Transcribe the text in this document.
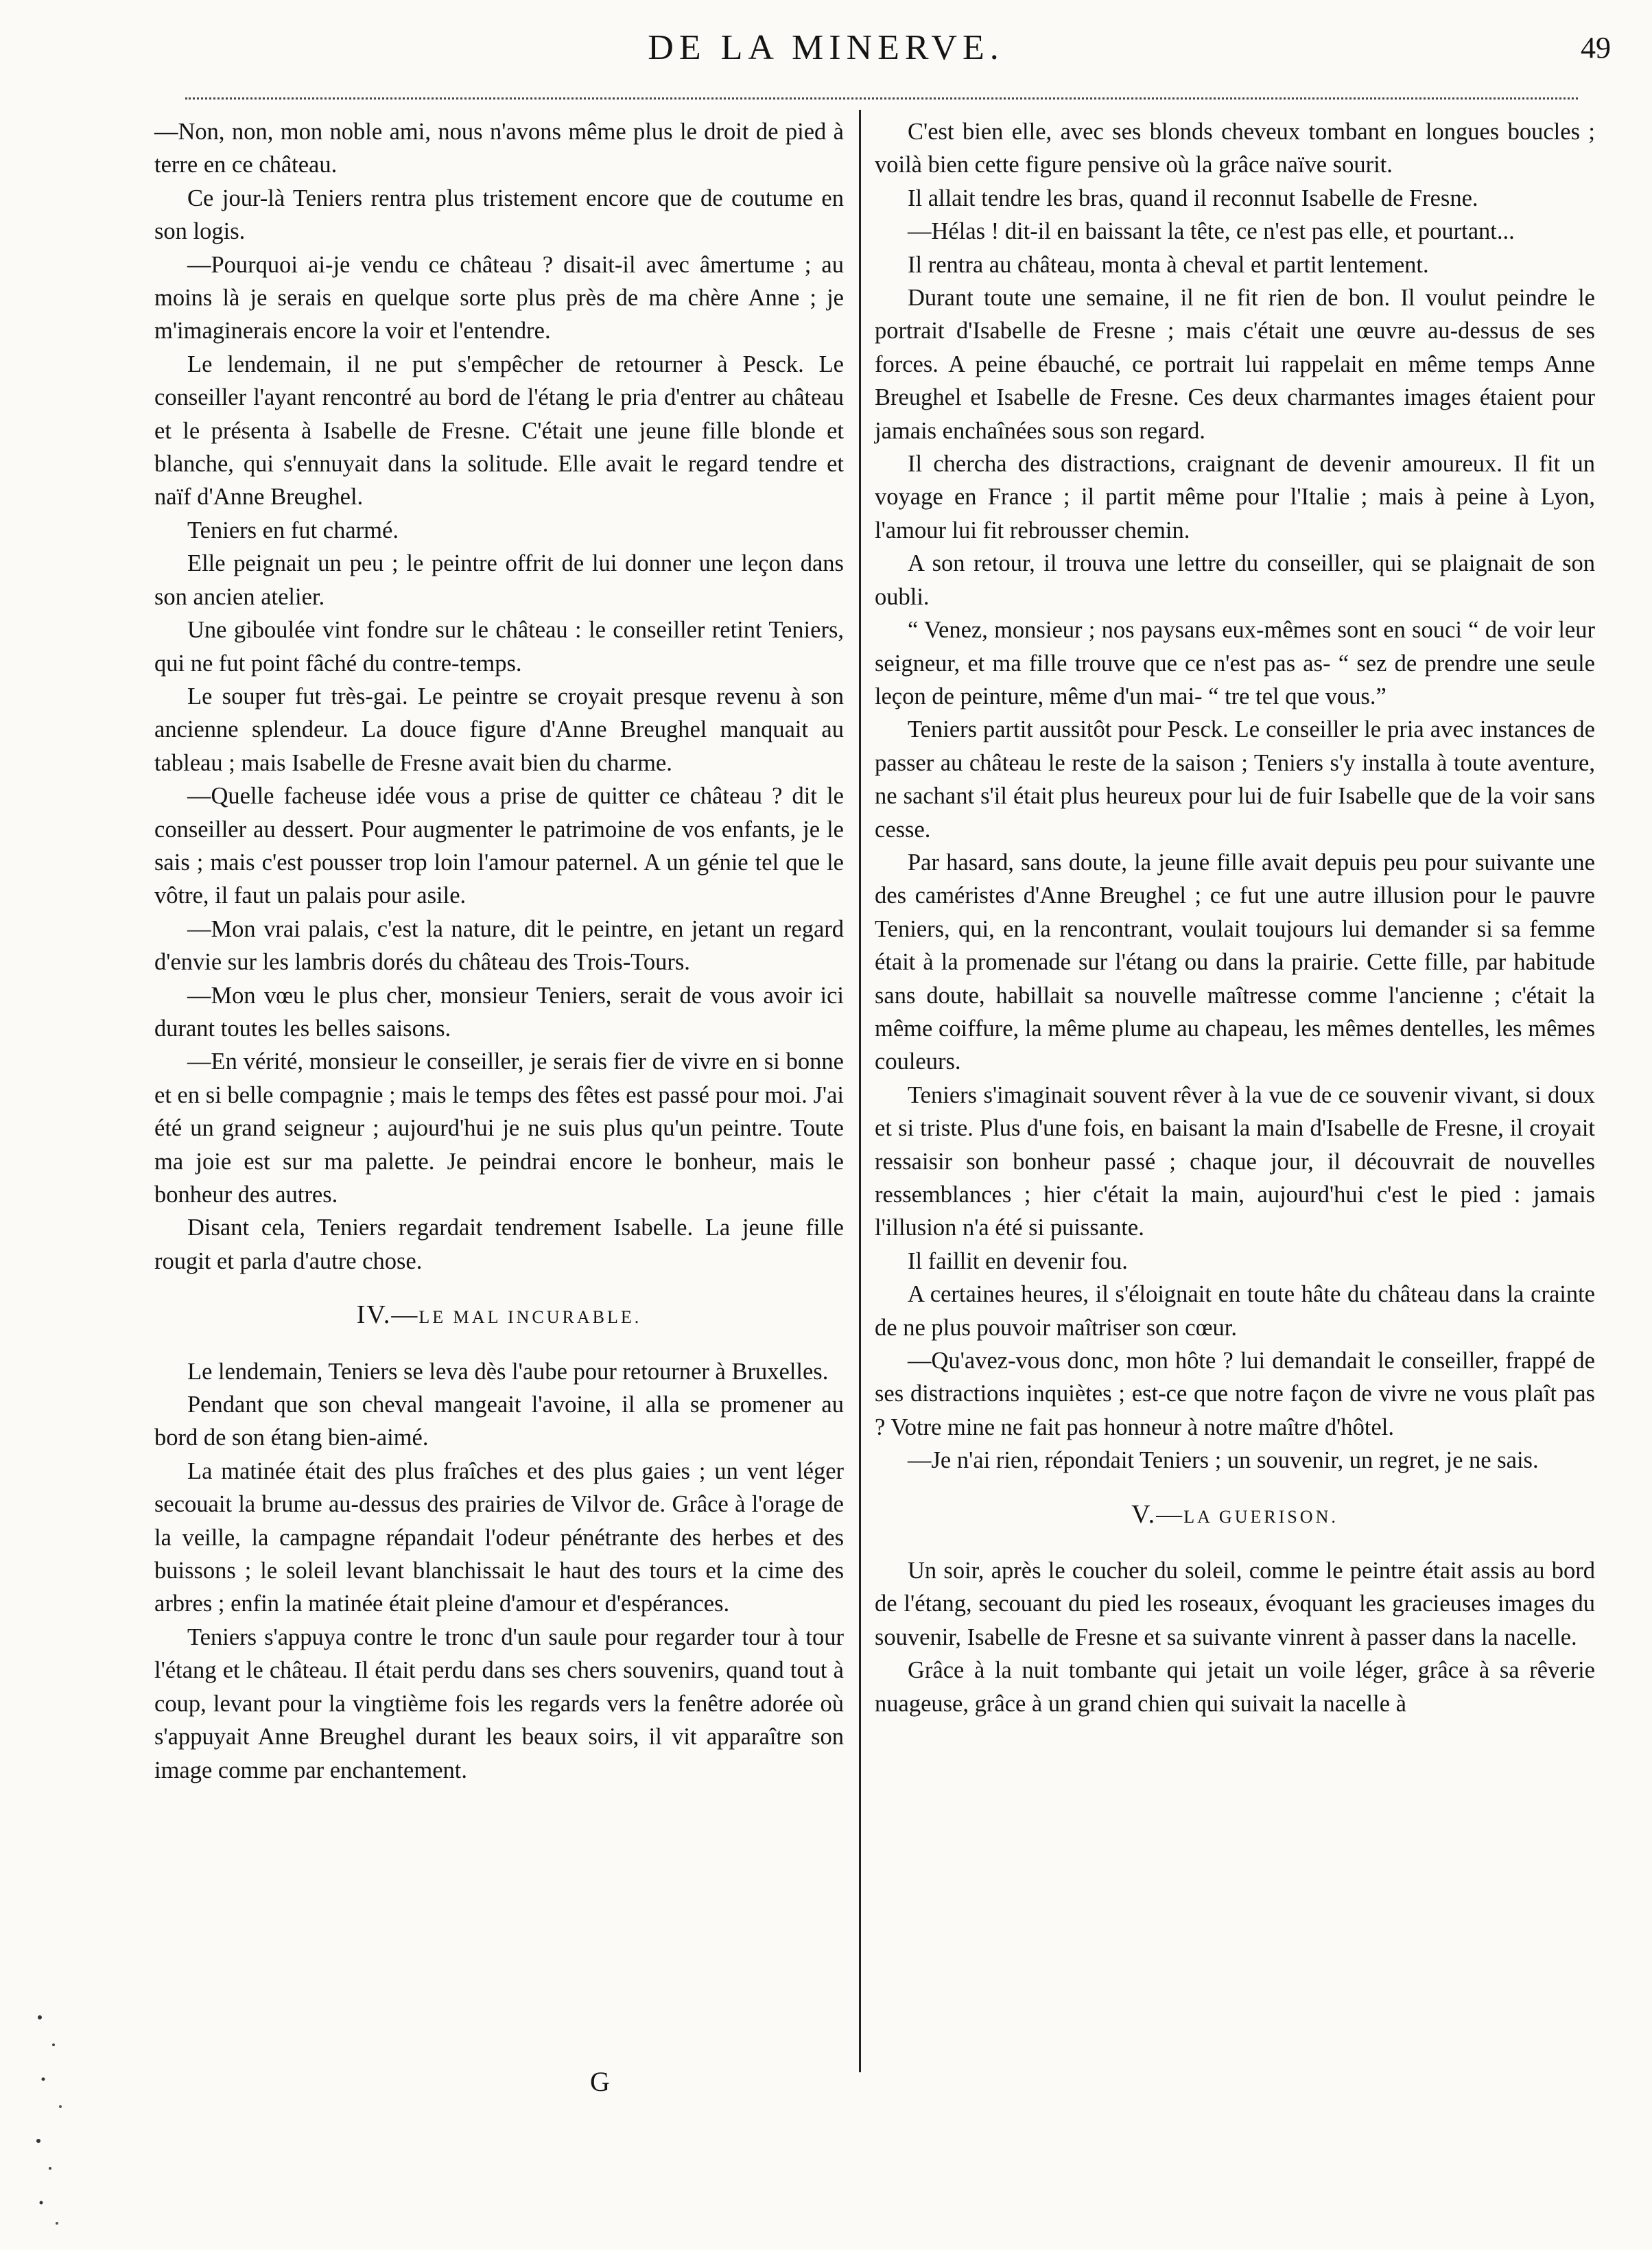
DE LA MINERVE.	49

—Non, non, mon noble ami, nous n'avons même plus le droit de pied à terre en ce château.

Ce jour-là Teniers rentra plus tristement encore que de coutume en son logis.

—Pourquoi ai-je vendu ce château ? disait-il avec âmertume ; au moins là je serais en quelque sorte plus près de ma chère Anne ; je m'imaginerais encore la voir et l'entendre.

Le lendemain, il ne put s'empêcher de retourner à Pesck. Le conseiller l'ayant rencontré au bord de l'étang le pria d'entrer au château et le présenta à Isabelle de Fresne. C'était une jeune fille blonde et blanche, qui s'ennuyait dans la solitude. Elle avait le regard tendre et naïf d'Anne Breughel.

Teniers en fut charmé.

Elle peignait un peu ; le peintre offrit de lui donner une leçon dans son ancien atelier.

Une giboulée vint fondre sur le château : le conseiller retint Teniers, qui ne fut point fâché du contre-temps.

Le souper fut très-gai. Le peintre se croyait presque revenu à son ancienne splendeur. La douce figure d'Anne Breughel manquait au tableau ; mais Isabelle de Fresne avait bien du charme.

—Quelle facheuse idée vous a prise de quitter ce château ? dit le conseiller au dessert. Pour augmenter le patrimoine de vos enfants, je le sais ; mais c'est pousser trop loin l'amour paternel. A un génie tel que le vôtre, il faut un palais pour asile.

—Mon vrai palais, c'est la nature, dit le peintre, en jetant un regard d'envie sur les lambris dorés du château des Trois-Tours.

—Mon vœu le plus cher, monsieur Teniers, serait de vous avoir ici durant toutes les belles saisons.

—En vérité, monsieur le conseiller, je serais fier de vivre en si bonne et en si belle compagnie ; mais le temps des fêtes est passé pour moi. J'ai été un grand seigneur ; aujourd'hui je ne suis plus qu'un peintre. Toute ma joie est sur ma palette. Je peindrai encore le bonheur, mais le bonheur des autres.

Disant cela, Teniers regardait tendrement Isabelle. La jeune fille rougit et parla d'autre chose.

IV.—LE MAL INCURABLE.

Le lendemain, Teniers se leva dès l'aube pour retourner à Bruxelles.

Pendant que son cheval mangeait l'avoine, il alla se promener au bord de son étang bien-aimé.

La matinée était des plus fraîches et des plus gaies ; un vent léger secouait la brume au-dessus des prairies de Vilvor de. Grâce à l'orage de la veille, la campagne répandait l'odeur pénétrante des herbes et des buissons ; le soleil levant blanchissait le haut des tours et la cime des arbres ; enfin la matinée était pleine d'amour et d'espérances.

Teniers s'appuya contre le tronc d'un saule pour regarder tour à tour l'étang et le château. Il était perdu dans ses chers souvenirs, quand tout à coup, levant pour la vingtième fois les regards vers la fenêtre adorée où s'appuyait Anne Breughel durant les beaux soirs, il vit apparaître son image comme par enchantement.

C'est bien elle, avec ses blonds cheveux tombant en longues boucles ; voilà bien cette figure pensive où la grâce naïve sourit.

Il allait tendre les bras, quand il reconnut Isabelle de Fresne.

—Hélas ! dit-il en baissant la tête, ce n'est pas elle, et pourtant...

Il rentra au château, monta à cheval et partit lentement.

Durant toute une semaine, il ne fit rien de bon. Il voulut peindre le portrait d'Isabelle de Fresne ; mais c'était une œuvre au-dessus de ses forces. A peine ébauché, ce portrait lui rappelait en même temps Anne Breughel et Isabelle de Fresne. Ces deux charmantes images étaient pour jamais enchaînées sous son regard.

Il chercha des distractions, craignant de devenir amoureux. Il fit un voyage en France ; il partit même pour l'Italie ; mais à peine à Lyon, l'amour lui fit rebrousser chemin.

A son retour, il trouva une lettre du conseiller, qui se plaignait de son oubli.

“ Venez, monsieur ; nos paysans eux-mêmes sont en souci “ de voir leur seigneur, et ma fille trouve que ce n'est pas as- “ sez de prendre une seule leçon de peinture, même d'un mai- “ tre tel que vous.”

Teniers partit aussitôt pour Pesck. Le conseiller le pria avec instances de passer au château le reste de la saison ; Teniers s'y installa à toute aventure, ne sachant s'il était plus heureux pour lui de fuir Isabelle que de la voir sans cesse.

Par hasard, sans doute, la jeune fille avait depuis peu pour suivante une des caméristes d'Anne Breughel ; ce fut une autre illusion pour le pauvre Teniers, qui, en la rencontrant, voulait toujours lui demander si sa femme était à la promenade sur l'étang ou dans la prairie. Cette fille, par habitude sans doute, habillait sa nouvelle maîtresse comme l'ancienne ; c'était la même coiffure, la même plume au chapeau, les mêmes dentelles, les mêmes couleurs.

Teniers s'imaginait souvent rêver à la vue de ce souvenir vivant, si doux et si triste. Plus d'une fois, en baisant la main d'Isabelle de Fresne, il croyait ressaisir son bonheur passé ; chaque jour, il découvrait de nouvelles ressemblances ; hier c'était la main, aujourd'hui c'est le pied : jamais l'illusion n'a été si puissante.

Il faillit en devenir fou.

A certaines heures, il s'éloignait en toute hâte du château dans la crainte de ne plus pouvoir maîtriser son cœur.

—Qu'avez-vous donc, mon hôte ? lui demandait le conseiller, frappé de ses distractions inquiètes ; est-ce que notre façon de vivre ne vous plaît pas ? Votre mine ne fait pas honneur à notre maître d'hôtel.

—Je n'ai rien, répondait Teniers ; un souvenir, un regret, je ne sais.

V.—LA GUERISON.

Un soir, après le coucher du soleil, comme le peintre était assis au bord de l'étang, secouant du pied les roseaux, évoquant les gracieuses images du souvenir, Isabelle de Fresne et sa suivante vinrent à passer dans la nacelle.

Grâce à la nuit tombante qui jetait un voile léger, grâce à sa rêverie nuageuse, grâce à un grand chien qui suivait la nacelle à

G
